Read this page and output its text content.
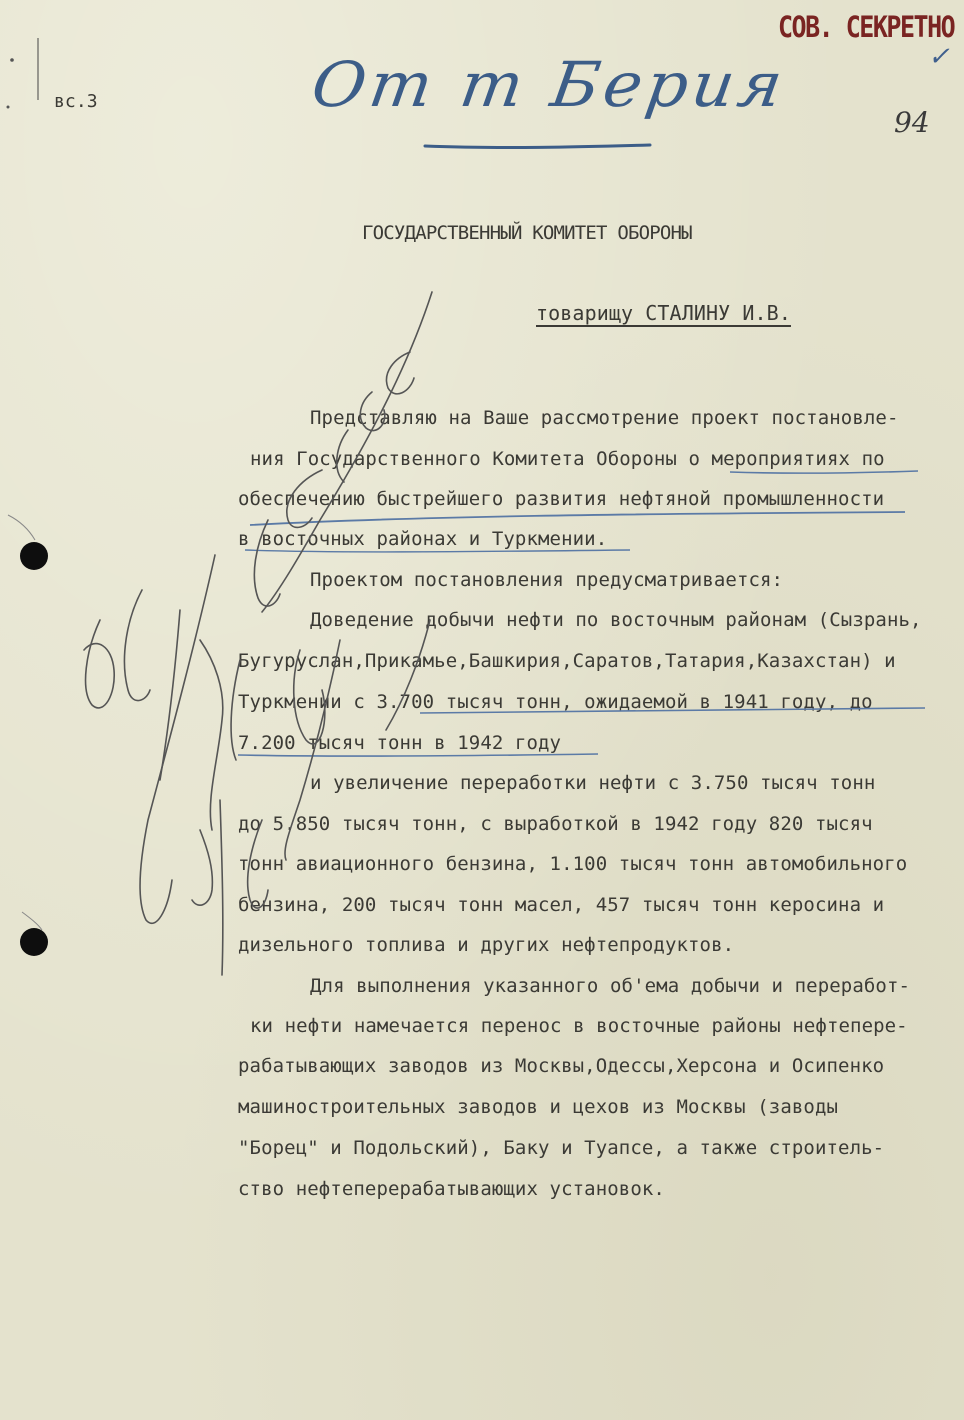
СОВ. СЕКРЕТНО
✓
вс.3	От т Берия
94
ГОСУДАРСТВЕННЫЙ КОМИТЕТ ОБОРОНЫ
товарищу СТАЛИНУ И.В.
Представляю на Ваше рассмотрение проект постановле-
ния Государственного Комитета Обороны о мероприятиях по
обеспечению быстрейшего развития нефтяной промышленности
в восточных районах и Туркмении.
Проектом постановления предусматривается:
Доведение добычи нефти по восточным районам (Сызрань,
Бугуруслан,Прикамье,Башкирия,Саратов,Татария,Казахстан) и
Туркмении с 3.700 тысяч тонн, ожидаемой в 1941 году, до
7.200 тысяч тонн в 1942 году
и увеличение переработки нефти с 3.750 тысяч тонн
до 5.850 тысяч тонн, с выработкой в 1942 году 820 тысяч
тонн авиационного бензина, 1.100 тысяч тонн автомобильного
бензина, 200 тысяч тонн масел, 457 тысяч тонн керосина и
дизельного топлива и других нефтепродуктов.
Для выполнения указанного об'ема добычи и переработ-
ки нефти намечается перенос в восточные районы нефтепере-
рабатывающих заводов из Москвы,Одессы,Херсона и Осипенко
машиностроительных заводов и цехов из Москвы (заводы
"Борец" и Подольский), Баку и Туапсе, а также строитель-
ство нефтеперерабатывающих установок.
